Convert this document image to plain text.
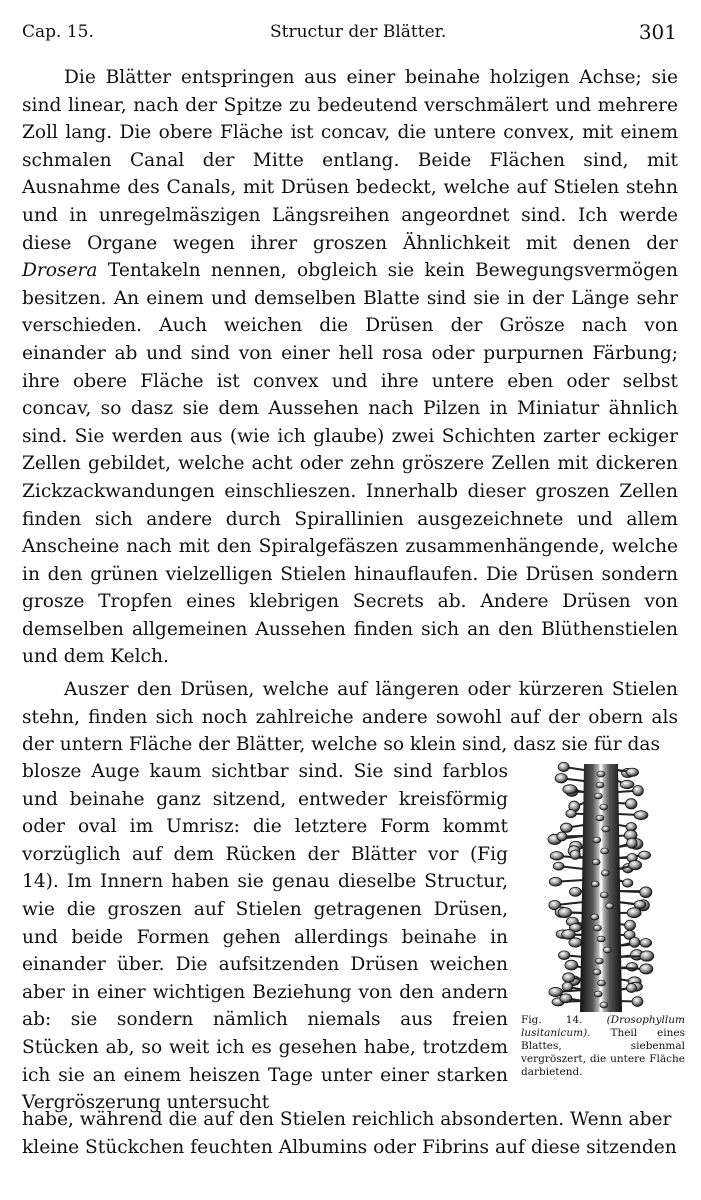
Cap. 15.	Structur der Blätter.	301

Die Blätter entspringen aus einer beinahe holzigen Achse; sie sind linear, nach der Spitze zu bedeutend verschmälert und mehrere Zoll lang. Die obere Fläche ist concav, die untere convex, mit einem schmalen Canal der Mitte entlang. Beide Flächen sind, mit Ausnahme des Canals, mit Drüsen bedeckt, welche auf Stielen stehn und in unregelmäszigen Längsreihen angeordnet sind. Ich werde diese Organe wegen ihrer groszen Ähnlichkeit mit denen der Drosera Tentakeln nennen, obgleich sie kein Bewegungsvermögen besitzen. An einem und demselben Blatte sind sie in der Länge sehr verschieden. Auch weichen die Drüsen der Grösze nach von einander ab und sind von einer hell rosa oder purpurnen Färbung; ihre obere Fläche ist convex und ihre untere eben oder selbst concav, so dasz sie dem Aussehen nach Pilzen in Miniatur ähnlich sind. Sie werden aus (wie ich glaube) zwei Schichten zarter eckiger Zellen gebildet, welche acht oder zehn gröszere Zellen mit dickeren Zickzackwandungen einschlieszen. Innerhalb dieser groszen Zellen finden sich andere durch Spirallinien ausgezeichnete und allem Anscheine nach mit den Spiralgefäszen zusammenhängende, welche in den grünen vielzelligen Stielen hinauflaufen. Die Drüsen sondern grosze Tropfen eines klebrigen Secrets ab. Andere Drüsen von demselben allgemeinen Aussehen finden sich an den Blüthenstielen und dem Kelch.

Auszer den Drüsen, welche auf längeren oder kürzeren Stielen stehn, finden sich noch zahlreiche andere sowohl auf der obern als der untern Fläche der Blätter, welche so klein sind, dasz sie für das

blosze Auge kaum sichtbar sind. Sie sind farblos und beinahe ganz sitzend, entweder kreisförmig oder oval im Umrisz: die letztere Form kommt vorzüglich auf dem Rücken der Blätter vor (Fig 14). Im Innern haben sie genau dieselbe Structur, wie die groszen auf Stielen getragenen Drüsen, und beide Formen gehen allerdings beinahe in einander über. Die aufsitzenden Drüsen weichen aber in einer wichtigen Beziehung von den andern ab: sie sondern nämlich niemals aus freien Stücken ab, so weit ich es gesehen habe, trotzdem ich sie an einem heiszen Tage unter einer starken Vergröszerung untersucht

Fig. 14. (Drosophyllum lusitanicum). Theil eines Blattes, siebenmal vergröszert, die untere Fläche darbietend.

habe, während die auf den Stielen reichlich absonderten. Wenn aber kleine Stückchen feuchten Albumins oder Fibrins auf diese sitzenden
